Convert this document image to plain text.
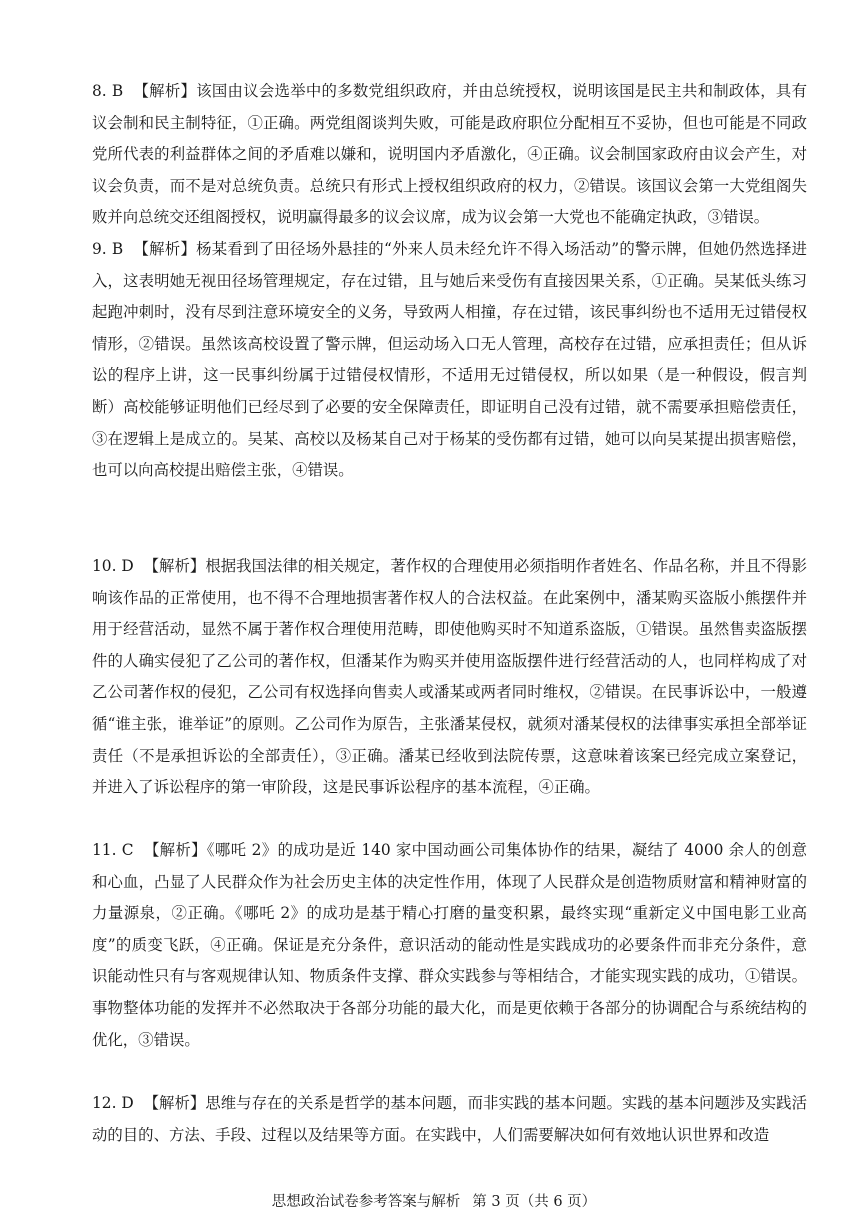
8. B 【解析】该国由议会选举中的多数党组织政府，并由总统授权，说明该国是民主共和制政体，具有议会制和民主制特征，①正确。两党组阁谈判失败，可能是政府职位分配相互不妥协，但也可能是不同政党所代表的利益群体之间的矛盾难以嫌和，说明国内矛盾激化，④正确。议会制国家政府由议会产生，对议会负责，而不是对总统负责。总统只有形式上授权组织政府的权力，②错误。该国议会第一大党组阁失败并向总统交还组阁授权，说明赢得最多的议会议席，成为议会第一大党也不能确定执政，③错误。
9. B 【解析】杨某看到了田径场外悬挂的“外来人员未经允许不得入场活动”的警示牌，但她仍然选择进入，这表明她无视田径场管理规定，存在过错，且与她后来受伤有直接因果关系，①正确。吴某低头练习起跑冲刺时，没有尽到注意环境安全的义务，导致两人相撞，存在过错，该民事纠纷也不适用无过错侵权情形，②错误。虽然该高校设置了警示牌，但运动场入口无人管理，高校存在过错，应承担责任；但从诉讼的程序上讲，这一民事纠纷属于过错侵权情形，不适用无过错侵权，所以如果（是一种假设，假言判断）高校能够证明他们已经尽到了必要的安全保障责任，即证明自己没有过错，就不需要承担赔偿责任，③在逻辑上是成立的。吴某、高校以及杨某自己对于杨某的受伤都有过错，她可以向吴某提出损害赔偿，也可以向高校提出赔偿主张，④错误。
10. D 【解析】根据我国法律的相关规定，著作权的合理使用必须指明作者姓名、作品名称，并且不得影响该作品的正常使用，也不得不合理地损害著作权人的合法权益。在此案例中，潘某购买盗版小熊摆件并用于经营活动，显然不属于著作权合理使用范畴，即使他购买时不知道系盗版，①错误。虽然售卖盗版摆件的人确实侵犯了乙公司的著作权，但潘某作为购买并使用盗版摆件进行经营活动的人，也同样构成了对乙公司著作权的侵犯，乙公司有权选择向售卖人或潘某或两者同时维权，②错误。在民事诉讼中，一般遵循“谁主张，谁举证”的原则。乙公司作为原告，主张潘某侵权，就须对潘某侵权的法律事实承担全部举证责任（不是承担诉讼的全部责任），③正确。潘某已经收到法院传票，这意味着该案已经完成立案登记，并进入了诉讼程序的第一审阶段，这是民事诉讼程序的基本流程，④正确。
11. C 【解析】《哪吒 2》的成功是近 140 家中国动画公司集体协作的结果，凝结了 4000 余人的创意和心血，凸显了人民群众作为社会历史主体的决定性作用，体现了人民群众是创造物质财富和精神财富的力量源泉，②正确。《哪吒 2》的成功是基于精心打磨的量变积累，最终实现“重新定义中国电影工业高度”的质变飞跃，④正确。保证是充分条件，意识活动的能动性是实践成功的必要条件而非充分条件，意识能动性只有与客观规律认知、物质条件支撑、群众实践参与等相结合，才能实现实践的成功，①错误。事物整体功能的发挥并不必然取决于各部分功能的最大化，而是更依赖于各部分的协调配合与系统结构的优化，③错误。
12. D 【解析】思维与存在的关系是哲学的基本问题，而非实践的基本问题。实践的基本问题涉及实践活动的目的、方法、手段、过程以及结果等方面。在实践中，人们需要解决如何有效地认识世界和改造
思想政治试卷参考答案与解析 第 3 页（共 6 页）
